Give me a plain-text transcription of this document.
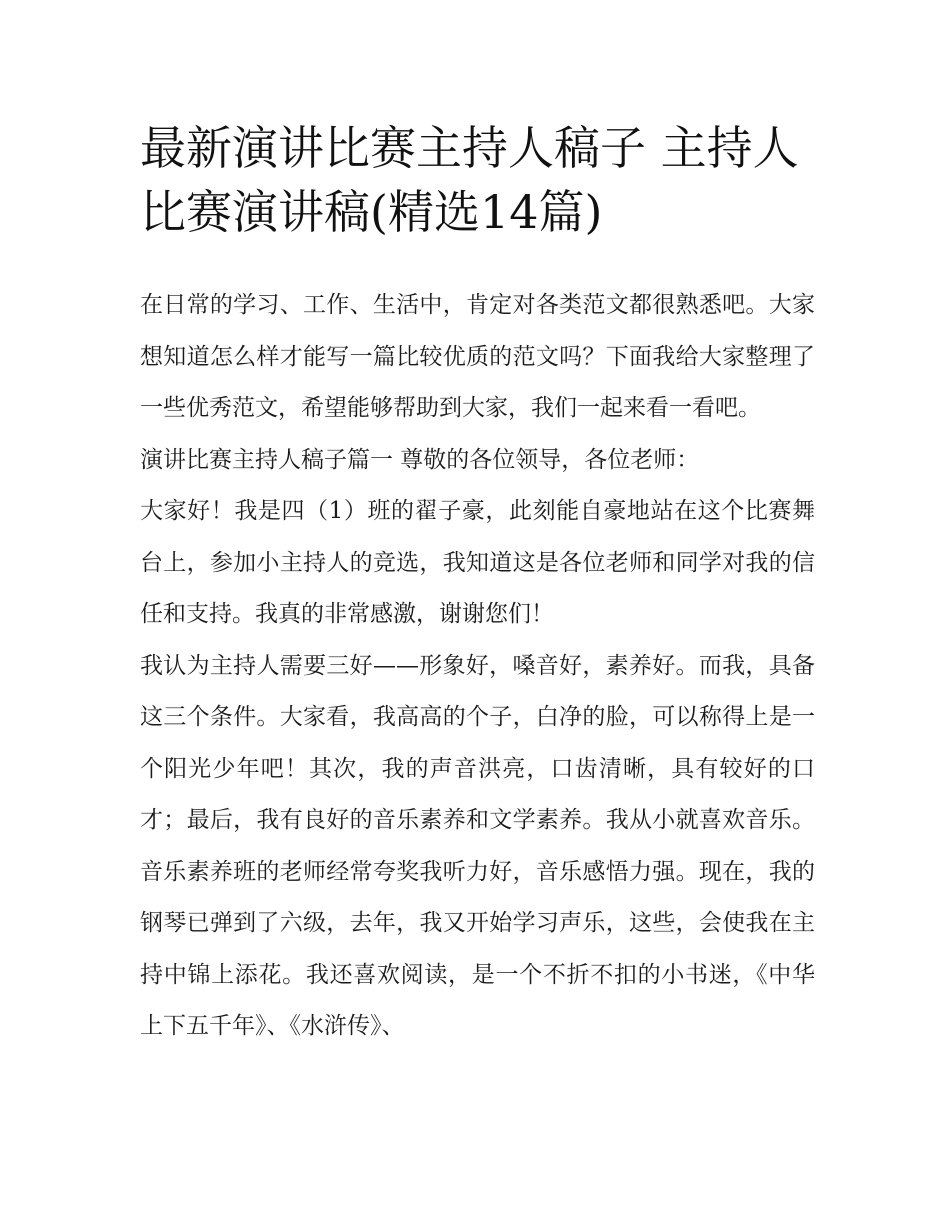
最新演讲比赛主持人稿子 主持人比赛演讲稿(精选14篇)

在日常的学习、工作、生活中，肯定对各类范文都很熟悉吧。大家想知道怎么样才能写一篇比较优质的范文吗？下面我给大家整理了一些优秀范文，希望能够帮助到大家，我们一起来看一看吧。

演讲比赛主持人稿子篇一 尊敬的各位领导，各位老师：

大家好！我是四（1）班的翟子豪，此刻能自豪地站在这个比赛舞台上，参加小主持人的竞选，我知道这是各位老师和同学对我的信任和支持。我真的非常感激，谢谢您们！

我认为主持人需要三好——形象好，嗓音好，素养好。而我，具备这三个条件。大家看，我高高的个子，白净的脸，可以称得上是一个阳光少年吧！其次，我的声音洪亮，口齿清晰，具有较好的口才；最后，我有良好的音乐素养和文学素养。我从小就喜欢音乐。音乐素养班的老师经常夸奖我听力好，音乐感悟力强。现在，我的钢琴已弹到了六级，去年，我又开始学习声乐，这些，会使我在主持中锦上添花。我还喜欢阅读，是一个不折不扣的小书迷，《中华上下五千年》、《水浒传》、
